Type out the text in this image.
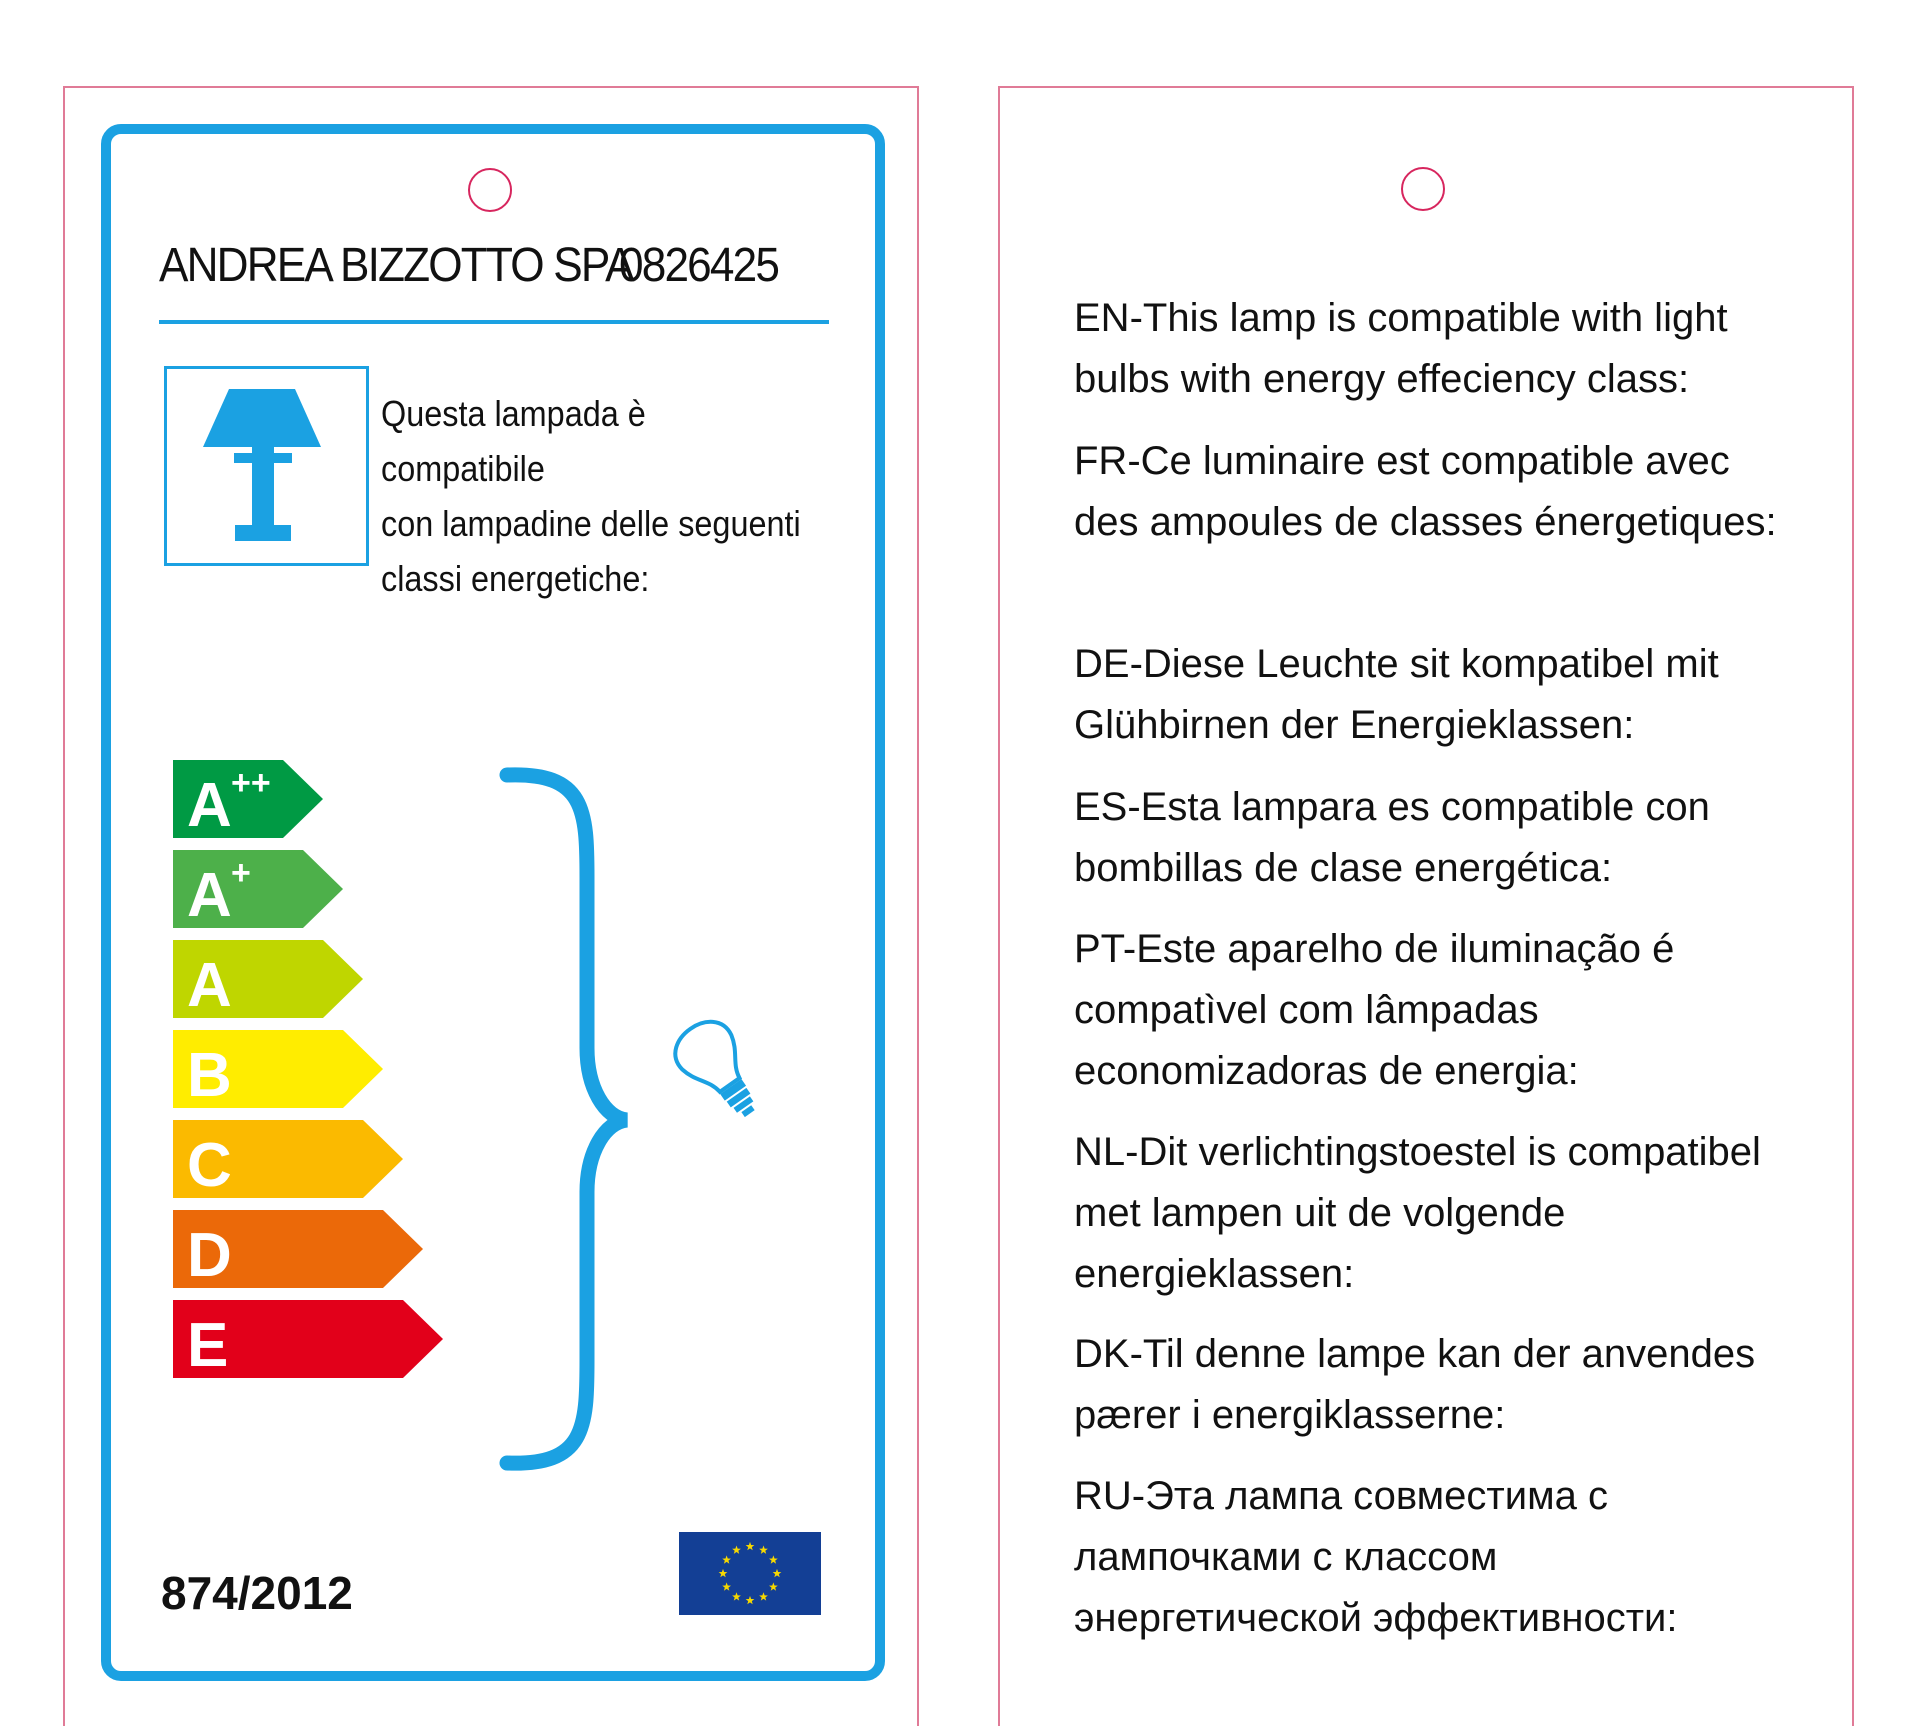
ANDREA BIZZOTTO SPA
0826425
Questa lampada è compatibile
con lampadine delle seguenti
classi energetiche:
A ++
A +
A
B
C
D
E
874/2012
EN-This lamp is compatible with light bulbs with energy effeciency class:
FR-Ce luminaire est compatible avec des ampoules de classes énergetiques:
DE-Diese Leuchte sit kompatibel mit Glühbirnen der Energieklassen:
ES-Esta lampara es compatible con bombillas de clase energética:
PT-Este aparelho de iluminação é compatìvel com lâmpadas economizadoras de energia:
NL-Dit verlichtingstoestel is compatibel met lampen uit de volgende energieklassen:
DK-Til denne lampe kan der anvendes pærer i energiklasserne:
RU-Эта лампа совместима с лампочками с классом энергетической эффективности:
